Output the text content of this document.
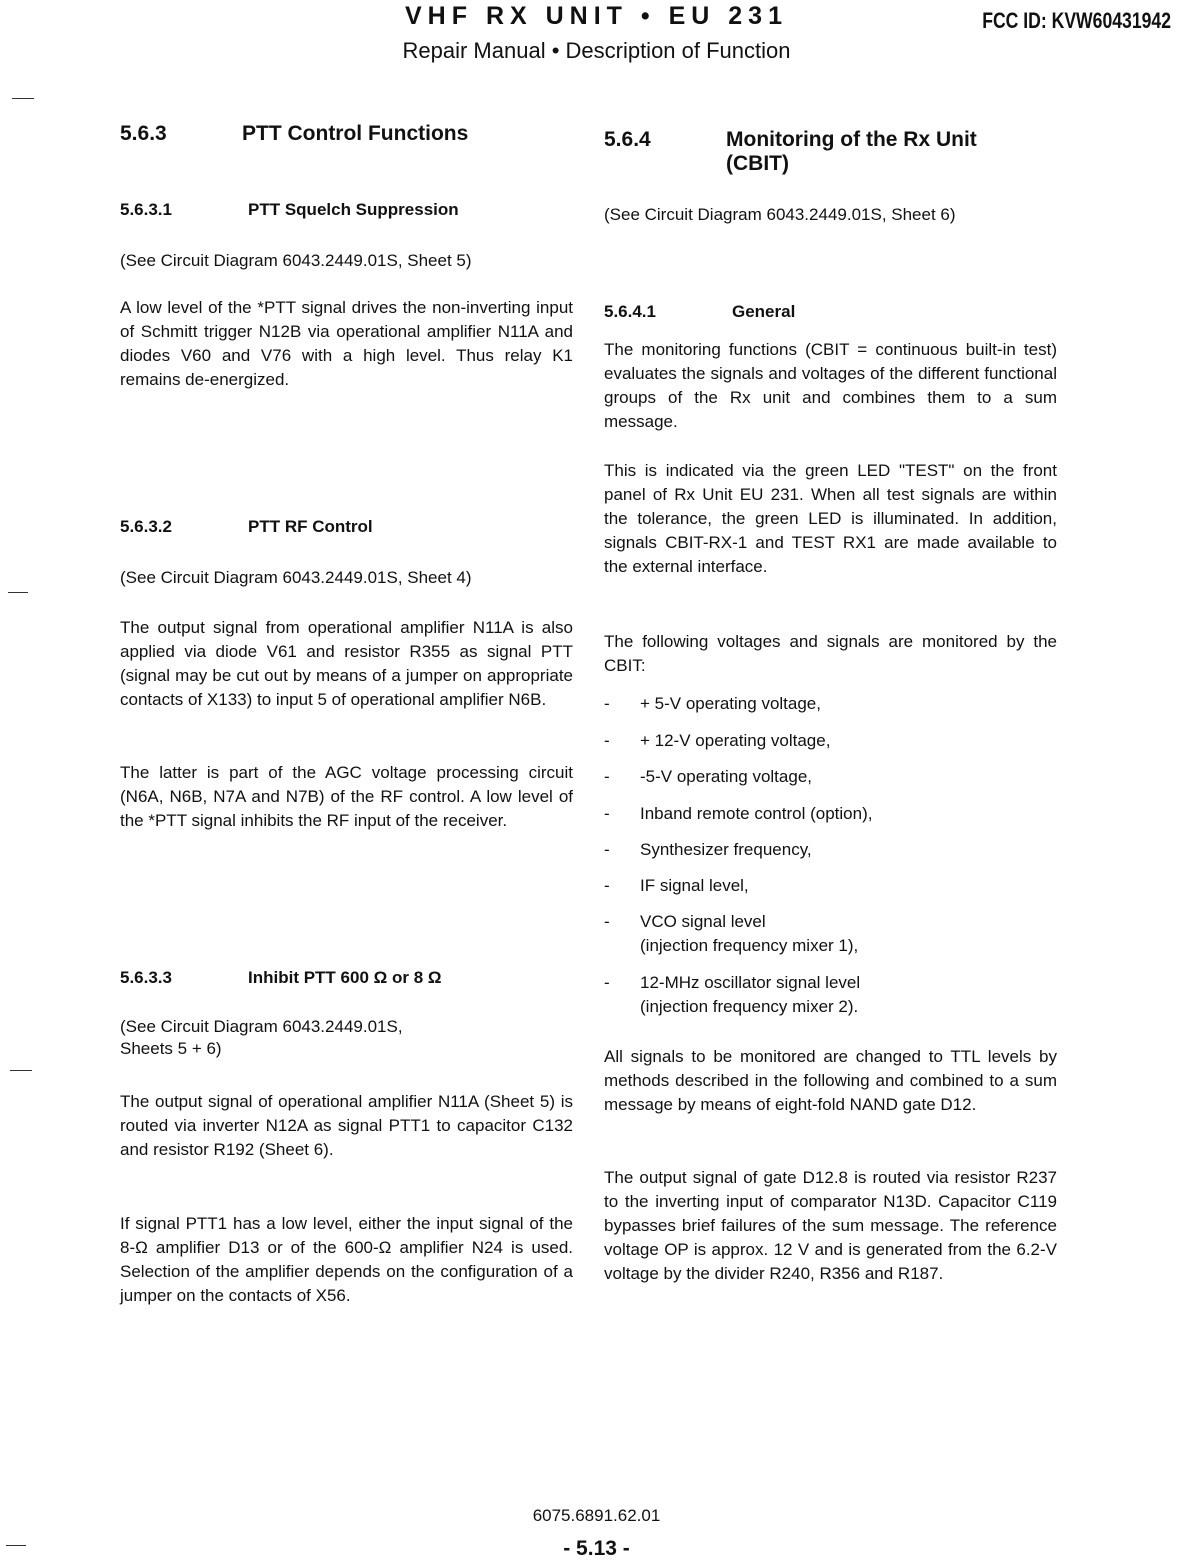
VHF RX UNIT • EU 231
Repair Manual • Description of Function
FCC ID: KVW60431942
5.6.3	PTT Control Functions
5.6.3.1	PTT Squelch Suppression
(See Circuit Diagram 6043.2449.01S, Sheet 5)
A low level of the *PTT signal drives the non-inverting input of Schmitt trigger N12B via operational amplifier N11A and diodes V60 and V76 with a high level. Thus relay K1 remains de-energized.
5.6.3.2	PTT RF Control
(See Circuit Diagram 6043.2449.01S, Sheet 4)
The output signal from operational amplifier N11A is also applied via diode V61 and resistor R355 as signal PTT (signal may be cut out by means of a jumper on appropriate contacts of X133) to input 5 of operational amplifier N6B.
The latter is part of the AGC voltage processing circuit (N6A, N6B, N7A and N7B) of the RF control. A low level of the *PTT signal inhibits the RF input of the receiver.
5.6.3.3	Inhibit PTT 600 Ω or 8 Ω
(See Circuit Diagram 6043.2449.01S,
Sheets 5 + 6)
The output signal of operational amplifier N11A (Sheet 5) is routed via inverter N12A as signal PTT1 to capacitor C132 and resistor R192 (Sheet 6).
If signal PTT1 has a low level, either the input signal of the 8-Ω amplifier D13 or of the 600-Ω amplifier N24 is used. Selection of the amplifier depends on the configuration of a jumper on the contacts of X56.
5.6.4	Monitoring of the Rx Unit (CBIT)
(See Circuit Diagram 6043.2449.01S, Sheet 6)
5.6.4.1	General
The monitoring functions (CBIT = continuous built-in test) evaluates the signals and voltages of the different functional groups of the Rx unit and combines them to a sum message.
This is indicated via the green LED "TEST" on the front panel of Rx Unit EU 231. When all test signals are within the tolerance, the green LED is illuminated. In addition, signals CBIT-RX-1 and TEST RX1 are made available to the external interface.
The following voltages and signals are monitored by the CBIT:
- + 5-V operating voltage,
- + 12-V operating voltage,
- -5-V operating voltage,
- Inband remote control (option),
- Synthesizer frequency,
- IF signal level,
- VCO signal level
(injection frequency mixer 1),
- 12-MHz oscillator signal level
(injection frequency mixer 2).
All signals to be monitored are changed to TTL levels by methods described in the following and combined to a sum message by means of eight-fold NAND gate D12.
The output signal of gate D12.8 is routed via resistor R237 to the inverting input of comparator N13D. Capacitor C119 bypasses brief failures of the sum message. The reference voltage OP is approx. 12 V and is generated from the 6.2-V voltage by the divider R240, R356 and R187.
6075.6891.62.01
- 5.13 -
